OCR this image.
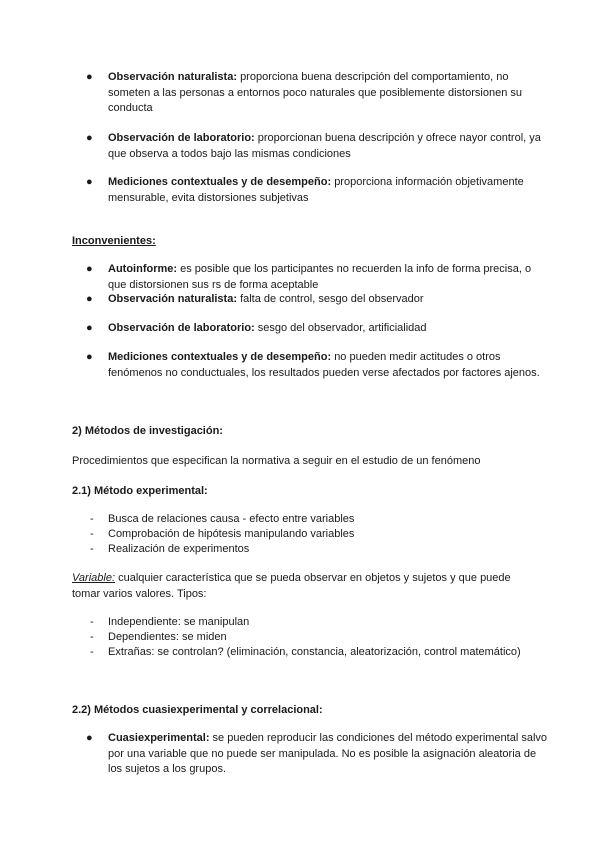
● Observación naturalista: proporciona buena descripción del comportamiento, no someten a las personas a entornos poco naturales que posiblemente distorsionen su conducta
● Observación de laboratorio: proporcionan buena descripción y ofrece nayor control, ya que observa a todos bajo las mismas condiciones
● Mediciones contextuales y de desempeño: proporciona información objetivamente mensurable, evita distorsiones subjetivas
Inconvenientes:
● Autoinforme: es posible que los participantes no recuerden la info de forma precisa, o que distorsionen sus rs de forma aceptable
● Observación naturalista: falta de control, sesgo del observador
● Observación de laboratorio: sesgo del observador, artificialidad
● Mediciones contextuales y de desempeño: no pueden medir actitudes o otros fenómenos no conductuales, los resultados pueden verse afectados por factores ajenos.
2) Métodos de investigación:
Procedimientos que especifican la normativa a seguir en el estudio de un fenómeno
2.1) Método experimental:
- Busca de relaciones causa - efecto entre variables
- Comprobación de hipótesis manipulando variables
- Realización de experimentos
Variable: cualquier característica que se pueda observar en objetos y sujetos y que puede tomar varios valores. Tipos:
- Independiente: se manipulan
- Dependientes: se miden
- Extrañas: se controlan? (eliminación, constancia, aleatorización, control matemático)
2.2) Métodos cuasiexperimental y correlacional:
● Cuasiexperimental: se pueden reproducir las condiciones del método experimental salvo por una variable que no puede ser manipulada. No es posible la asignación aleatoria de los sujetos a los grupos.
